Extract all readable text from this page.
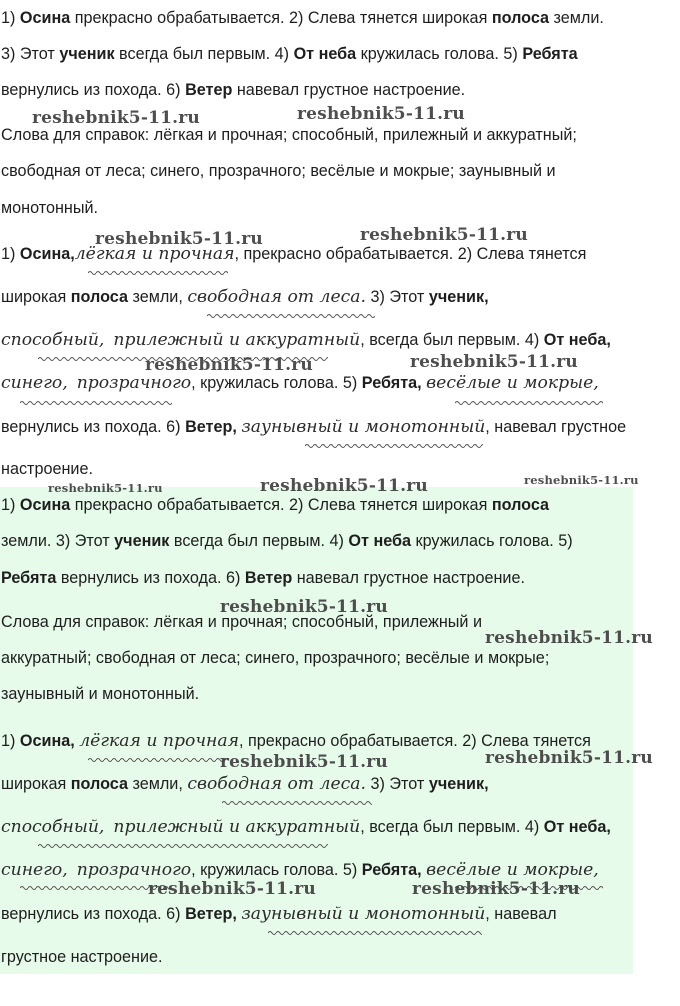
1) Осина прекрасно обрабатывается. 2) Слева тянется широкая полоса земли.
3) Этот ученик всегда был первым. 4) От неба кружилась голова. 5) Ребята
вернулись из похода. 6) Ветер навевал грустное настроение.
Слова для справок: лёгкая и прочная; способный, прилежный и аккуратный;
свободная от леса; синего, прозрачного; весёлые и мокрые; заунывный и
монотонный.
1) Осина,лёгкая и прочная, прекрасно обрабатывается. 2) Слева тянется
широкая полоса земли, свободная от леса. 3) Этот ученик,
способный, прилежный и аккуратный, всегда был первым. 4) От неба,
синего, прозрачного, кружилась голова. 5) Ребята, весёлые и мокрые,
вернулись из похода. 6) Ветер, заунывный и монотонный, навевал грустное
настроение.
1) Осина прекрасно обрабатывается. 2) Слева тянется широкая полоса
земли. 3) Этот ученик всегда был первым. 4) От неба кружилась голова. 5)
Ребята вернулись из похода. 6) Ветер навевал грустное настроение.
Слова для справок: лёгкая и прочная; способный, прилежный и
аккуратный; свободная от леса; синего, прозрачного; весёлые и мокрые;
заунывный и монотонный.
1) Осина, лёгкая и прочная, прекрасно обрабатывается. 2) Слева тянется
широкая полоса земли, свободная от леса. 3) Этот ученик,
способный, прилежный и аккуратный, всегда был первым. 4) От неба,
синего, прозрачного, кружилась голова. 5) Ребята, весёлые и мокрые,
вернулись из похода. 6) Ветер, заунывный и монотонный, навевал
грустное настроение.
reshebnik5-11.ru	reshebnik5-11.ru
reshebnik5-11.ru	reshebnik5-11.ru
reshebnik5-11.ru	reshebnik5-11.ru
reshebnik5-11.ru	reshebnik5-11.ru	reshebnik5-11.ru
reshebnik5-11.ru
reshebnik5-11.ru
reshebnik5-11.ru	reshebnik5-11.ru
reshebnik5-11.ru	reshebnik5-11.ru
